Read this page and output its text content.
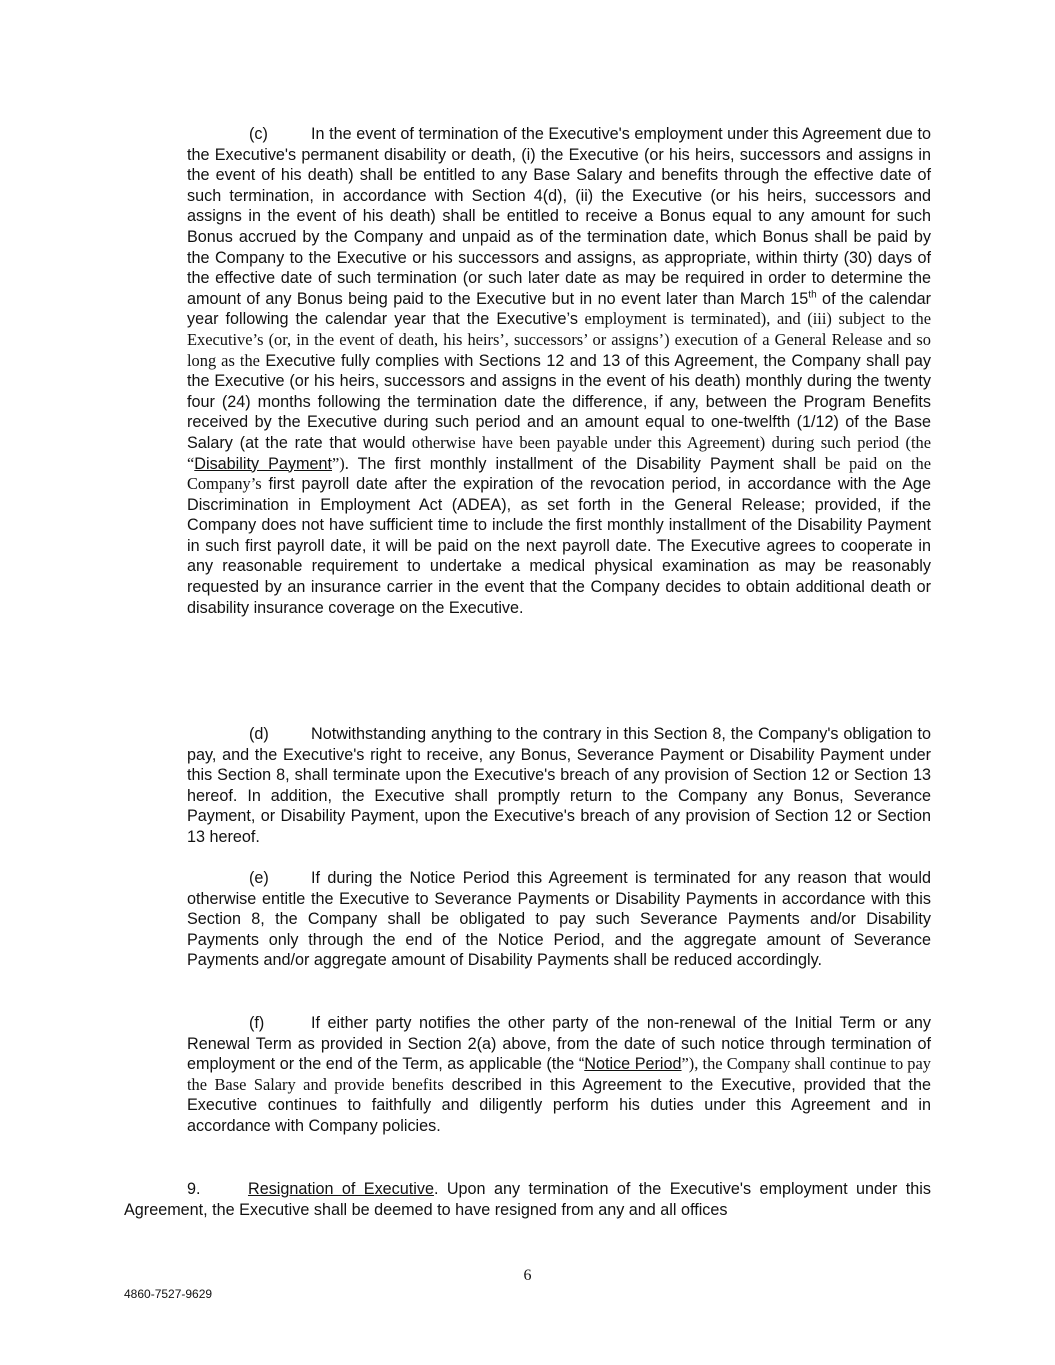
(c)	In the event of termination of the Executive's employment under this Agreement due to the Executive's permanent disability or death, (i) the Executive (or his heirs, successors and assigns in the event of his death) shall be entitled to any Base Salary and benefits through the effective date of such termination, in accordance with Section 4(d), (ii) the Executive (or his heirs, successors and assigns in the event of his death) shall be entitled to receive a Bonus equal to any amount for such Bonus accrued by the Company and unpaid as of the termination date, which Bonus shall be paid by the Company to the Executive or his successors and assigns, as appropriate, within thirty (30) days of the effective date of such termination (or such later date as may be required in order to determine the amount of any Bonus being paid to the Executive but in no event later than March 15th of the calendar year following the calendar year that the Executive’s employment is terminated), and (iii) subject to the Executive’s (or, in the event of death, his heirs’, successors’ or assigns’) execution of a General Release and so long as the Executive fully complies with Sections 12 and 13 of this Agreement, the Company shall pay the Executive (or his heirs, successors and assigns in the event of his death) monthly during the twenty four (24) months following the termination date the difference, if any, between the Program Benefits received by the Executive during such period and an amount equal to one-twelfth (1/12) of the Base Salary (at the rate that would otherwise have been payable under this Agreement) during such period (the “Disability Payment”). The first monthly installment of the Disability Payment shall be paid on the Company’s first payroll date after the expiration of the revocation period, in accordance with the Age Discrimination in Employment Act (ADEA), as set forth in the General Release; provided, if the Company does not have sufficient time to include the first monthly installment of the Disability Payment in such first payroll date, it will be paid on the next payroll date. The Executive agrees to cooperate in any reasonable requirement to undertake a medical physical examination as may be reasonably requested by an insurance carrier in the event that the Company decides to obtain additional death or disability insurance coverage on the Executive.

(d)	Notwithstanding anything to the contrary in this Section 8, the Company's obligation to pay, and the Executive's right to receive, any Bonus, Severance Payment or Disability Payment under this Section 8, shall terminate upon the Executive's breach of any provision of Section 12 or Section 13 hereof. In addition, the Executive shall promptly return to the Company any Bonus, Severance Payment, or Disability Payment, upon the Executive's breach of any provision of Section 12 or Section 13 hereof.

(e)	If during the Notice Period this Agreement is terminated for any reason that would otherwise entitle the Executive to Severance Payments or Disability Payments in accordance with this Section 8, the Company shall be obligated to pay such Severance Payments and/or Disability Payments only through the end of the Notice Period, and the aggregate amount of Severance Payments and/or aggregate amount of Disability Payments shall be reduced accordingly.

(f)	If either party notifies the other party of the non-renewal of the Initial Term or any Renewal Term as provided in Section 2(a) above, from the date of such notice through termination of employment or the end of the Term, as applicable (the “Notice Period”), the Company shall continue to pay the Base Salary and provide benefits described in this Agreement to the Executive, provided that the Executive continues to faithfully and diligently perform his duties under this Agreement and in accordance with Company policies.

9.	Resignation of Executive. Upon any termination of the Executive's employment under this Agreement, the Executive shall be deemed to have resigned from any and all offices

6
4860-7527-9629
